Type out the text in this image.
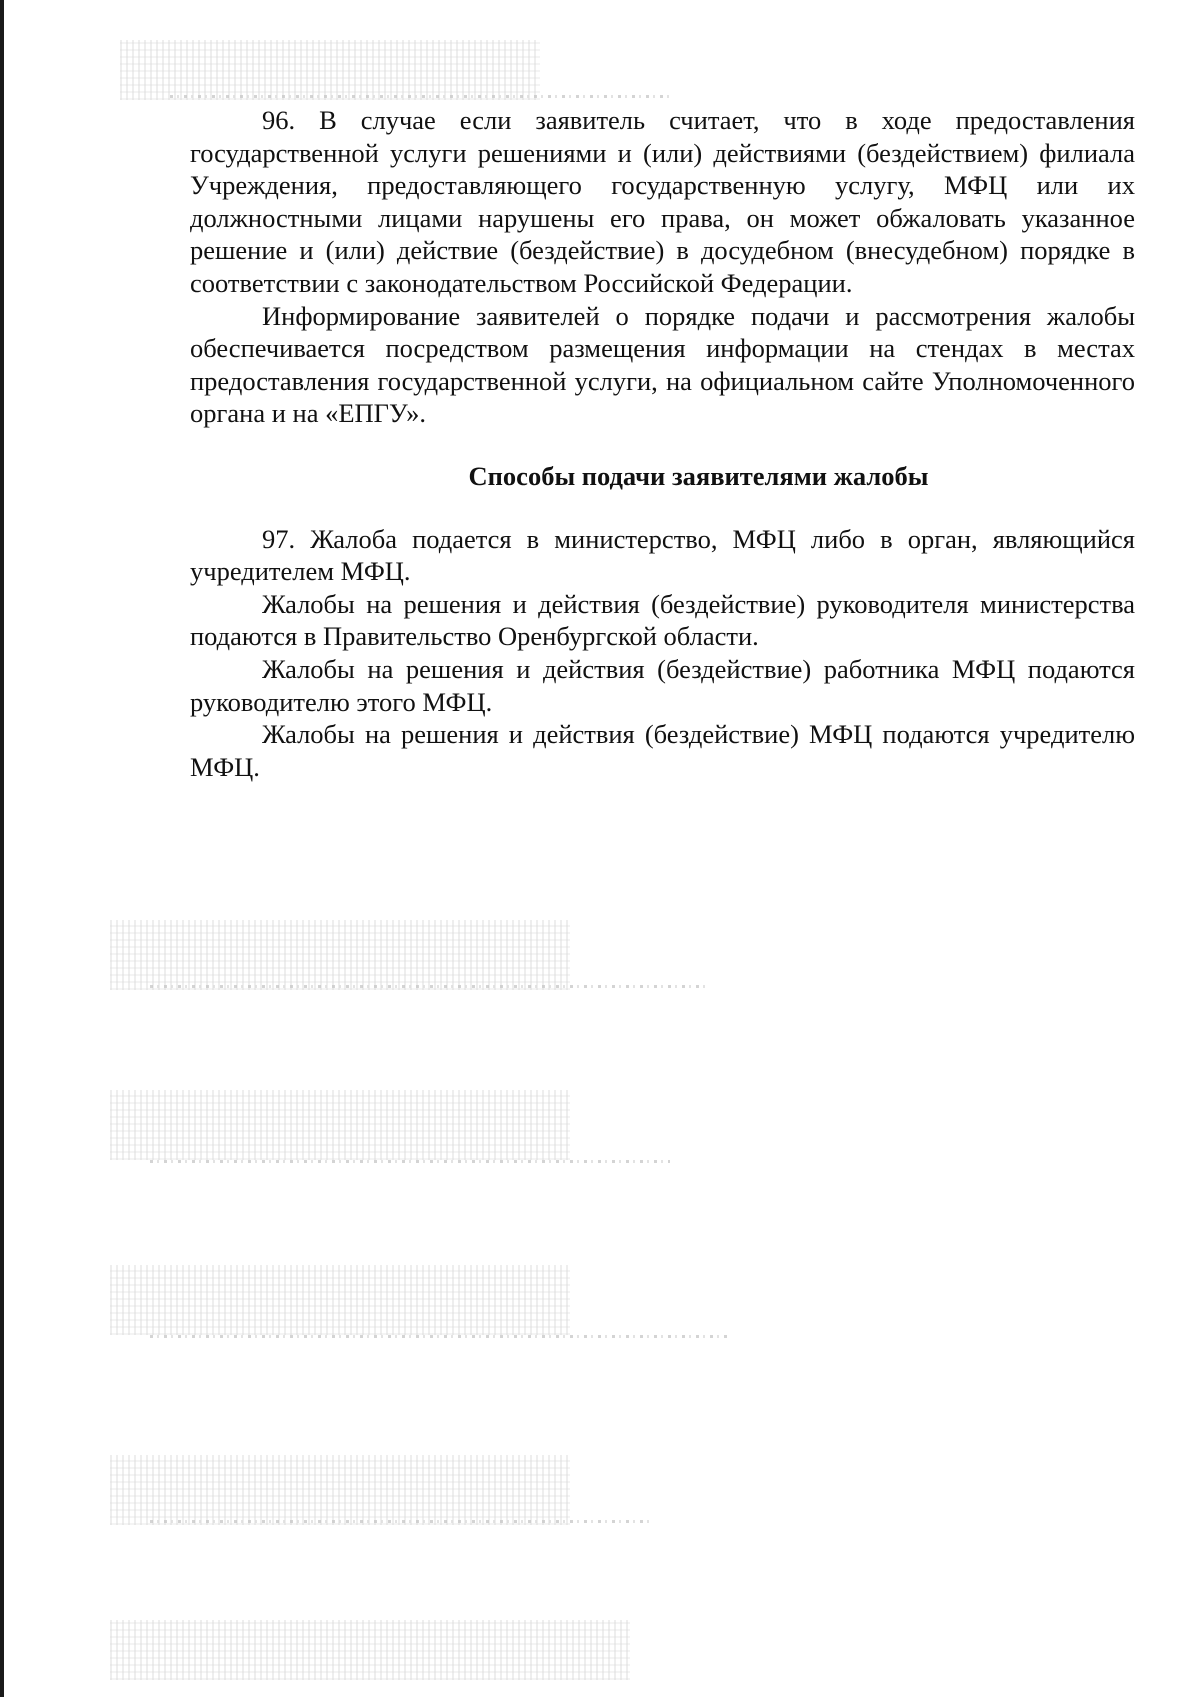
96. В случае если заявитель считает, что в ходе предоставления государственной услуги решениями и (или) действиями (бездействием) филиала Учреждения, предоставляющего государственную услугу, МФЦ или их должностными лицами нарушены его права, он может обжаловать указанное решение и (или) действие (бездействие) в досудебном (внесудебном) порядке в соответствии с законодательством Российской Федерации.

Информирование заявителей о порядке подачи и рассмотрения жалобы обеспечивается посредством размещения информации на стендах в местах предоставления государственной услуги, на официальном сайте Уполномоченного органа и на «ЕПГУ».

Способы подачи заявителями жалобы

97. Жалоба подается в министерство, МФЦ либо в орган, являющийся учредителем МФЦ.

Жалобы на решения и действия (бездействие) руководителя министерства подаются в Правительство Оренбургской области.

Жалобы на решения и действия (бездействие) работника МФЦ подаются руководителю этого МФЦ.

Жалобы на решения и действия (бездействие) МФЦ подаются учредителю МФЦ.
